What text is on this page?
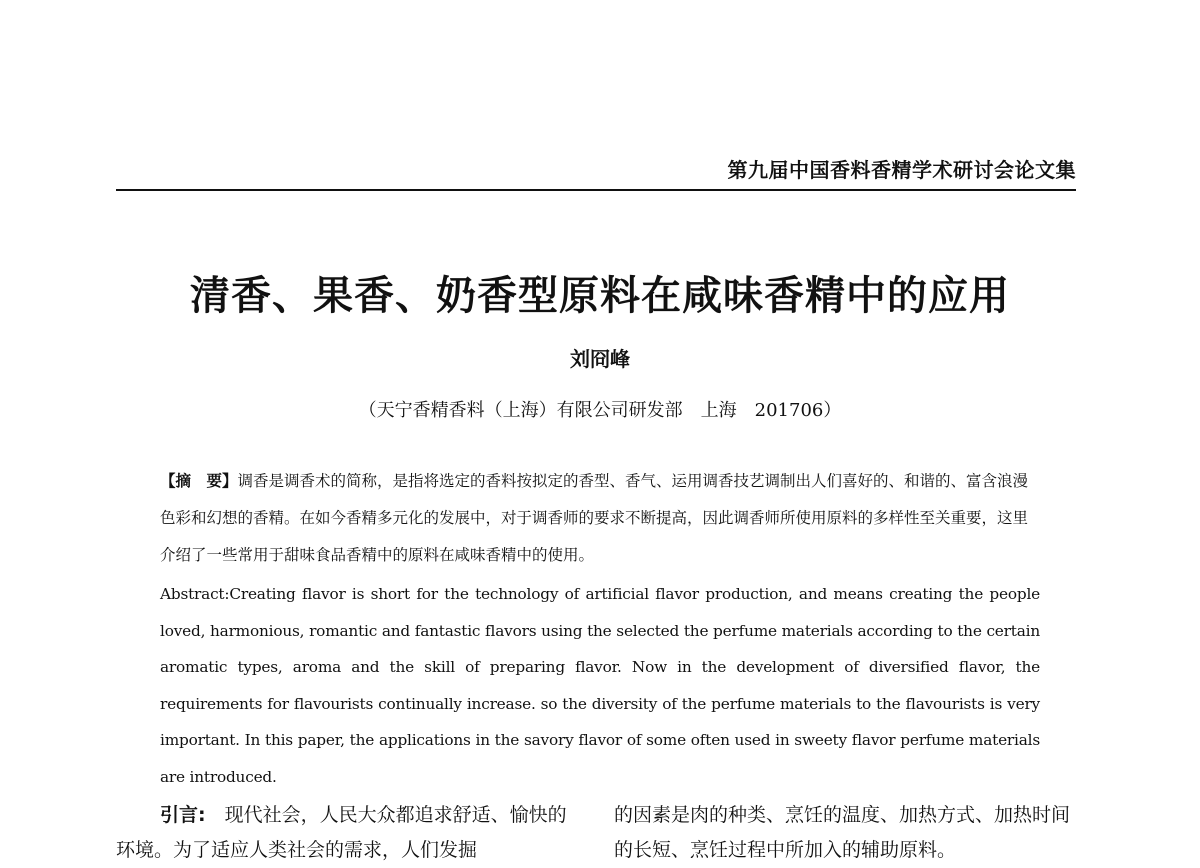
第九届中国香料香精学术研讨会论文集
清香、果香、奶香型原料在咸味香精中的应用
刘冏峰
（天宁香精香料（上海）有限公司研发部　上海　201706）

【摘　要】调香是调香术的简称，是指将选定的香料按拟定的香型、香气、运用调香技艺调制出人们喜好的、和谐的、富含浪漫色彩和幻想的香精。在如今香精多元化的发展中，对于调香师的要求不断提高，因此调香师所使用原料的多样性至关重要，这里介绍了一些常用于甜味食品香精中的原料在咸味香精中的使用。

Abstract:Creating flavor is short for the technology of artificial flavor production, and means creating the people loved, harmonious, romantic and fantastic flavors using the selected the perfume materials according to the certain aromatic types, aroma and the skill of preparing flavor. Now in the development of diversified flavor, the requirements for flavourists continually increase. so the diversity of the perfume materials to the flavourists is very important. In this paper, the applications in the savory flavor of some often used in sweety flavor perfume materials are introduced.

引言:　 现代社会，人民大众都追求舒适、愉快的环境。为了适应人类社会的需求，人们发掘

的因素是肉的种类、烹饪的温度、加热方式、加热时间的长短、烹饪过程中所加入的辅助原料。
